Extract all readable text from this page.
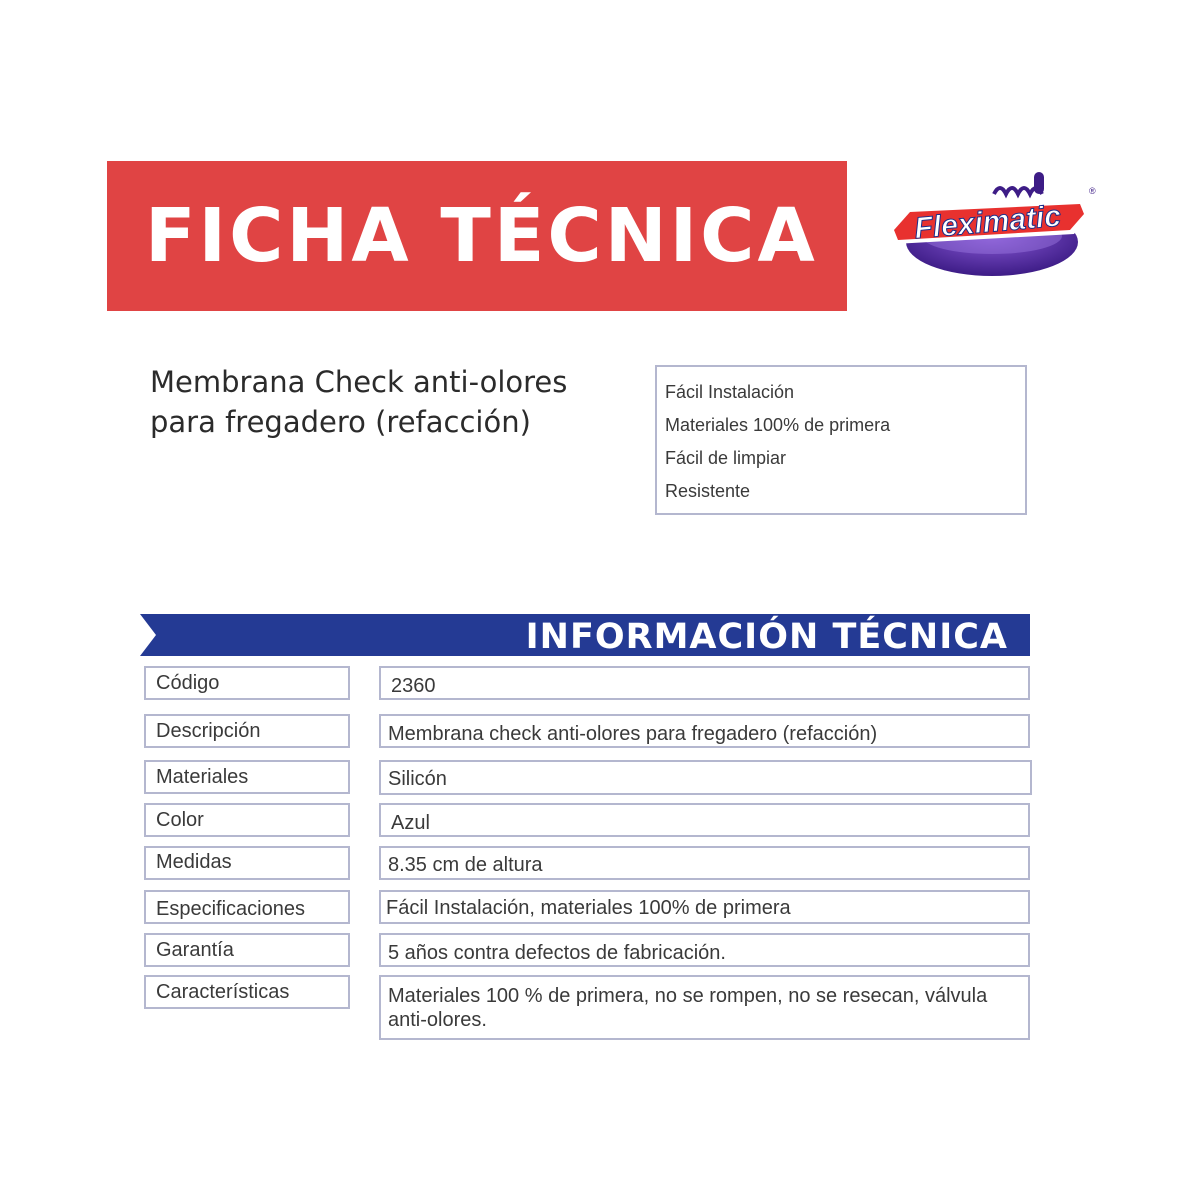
FICHA TÉCNICA	Fleximatic
®

Membrana Check anti-olores
para fregadero (refacción)

Fácil Instalación
Materiales 100% de primera
Fácil de limpiar
Resistente
INFORMACIÓN TÉCNICA
Código	2360
Descripción	Membrana check anti-olores para fregadero (refacción)
Materiales	Silicón
Color	Azul
Medidas	8.35 cm de altura
Especificaciones	Fácil Instalación, materiales 100% de primera
Garantía	5 años contra defectos de fabricación.
Características	Materiales 100 % de primera, no se rompen, no se resecan, válvula anti-olores.
